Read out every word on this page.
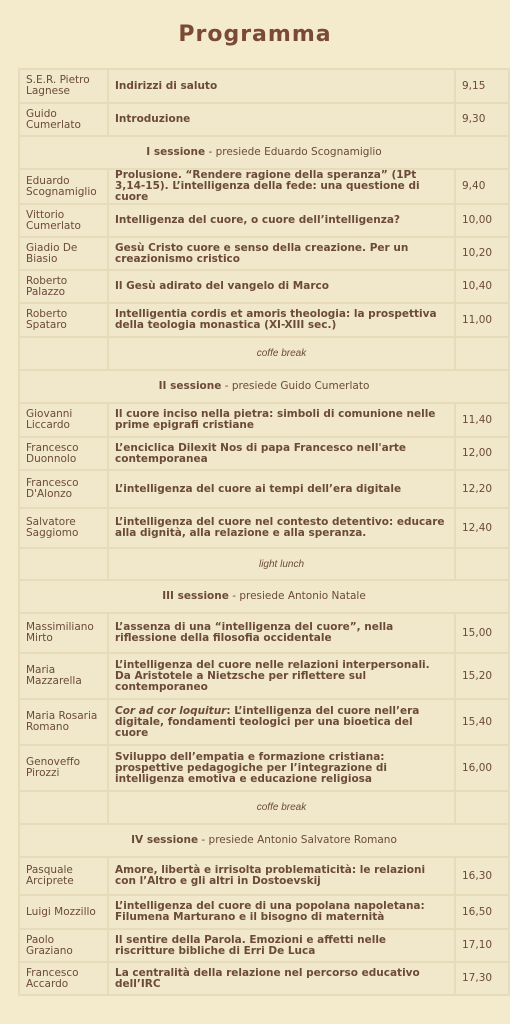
Programma
S.E.R. Pietro Lagnese	Indirizzi di saluto	9,15
Guido Cumerlato	Introduzione	9,30
I sessione - presiede Eduardo Scognamiglio		
Eduardo Scognamiglio	Prolusione. “Rendere ragione della speranza” (1Pt 3,14-15). L’intelligenza della fede: una questione di cuore	9,40
Vittorio Cumerlato	Intelligenza del cuore, o cuore dell’intelligenza?	10,00
Giadio De Biasio	Gesù Cristo cuore e senso della creazione. Per un creazionismo cristico	10,20
Roberto Palazzo	Il Gesù adirato del vangelo di Marco	10,40
Roberto Spataro	Intelligentia cordis et amoris theologia: la prospettiva della teologia monastica (XI-XIII sec.)	11,00
	coffe break	
II sessione - presiede Guido Cumerlato		
Giovanni Liccardo	Il cuore inciso nella pietra: simboli di comunione nelle prime epigrafi cristiane	11,40
Francesco Duonnolo	L’enciclica Dilexit Nos di papa Francesco nell'arte contemporanea	12,00
Francesco D'Alonzo	L’intelligenza del cuore ai tempi dell’era digitale	12,20
Salvatore Saggiomo	L’intelligenza del cuore nel contesto detentivo: educare alla dignità, alla relazione e alla speranza.	12,40
	light lunch	
III sessione - presiede Antonio Natale		
Massimiliano Mirto	L’assenza di una “intelligenza del cuore”, nella riflessione della filosofia occidentale	15,00
Maria Mazzarella	L’intelligenza del cuore nelle relazioni interpersonali. Da Aristotele a Nietzsche per riflettere sul contemporaneo	15,20
Maria Rosaria Romano	Cor ad cor loquitur: L’intelligenza del cuore nell’era digitale, fondamenti teologici per una bioetica del cuore	15,40
Genoveffo Pirozzi	Sviluppo dell’empatia e formazione cristiana: prospettive pedagogiche per l’integrazione di intelligenza emotiva e educazione religiosa	16,00
	coffe break	
IV sessione - presiede Antonio Salvatore Romano		
Pasquale Arciprete	Amore, libertà e irrisolta problematicità: le relazioni con l’Altro e gli altri in Dostoevskij	16,30
Luigi Mozzillo	L’intelligenza del cuore di una popolana napoletana: Filumena Marturano e il bisogno di maternità	16,50
Paolo Graziano	Il sentire della Parola. Emozioni e affetti nelle riscritture bibliche di Erri De Luca	17,10
Francesco Accardo	La centralità della relazione nel percorso educativo dell’IRC	17,30
